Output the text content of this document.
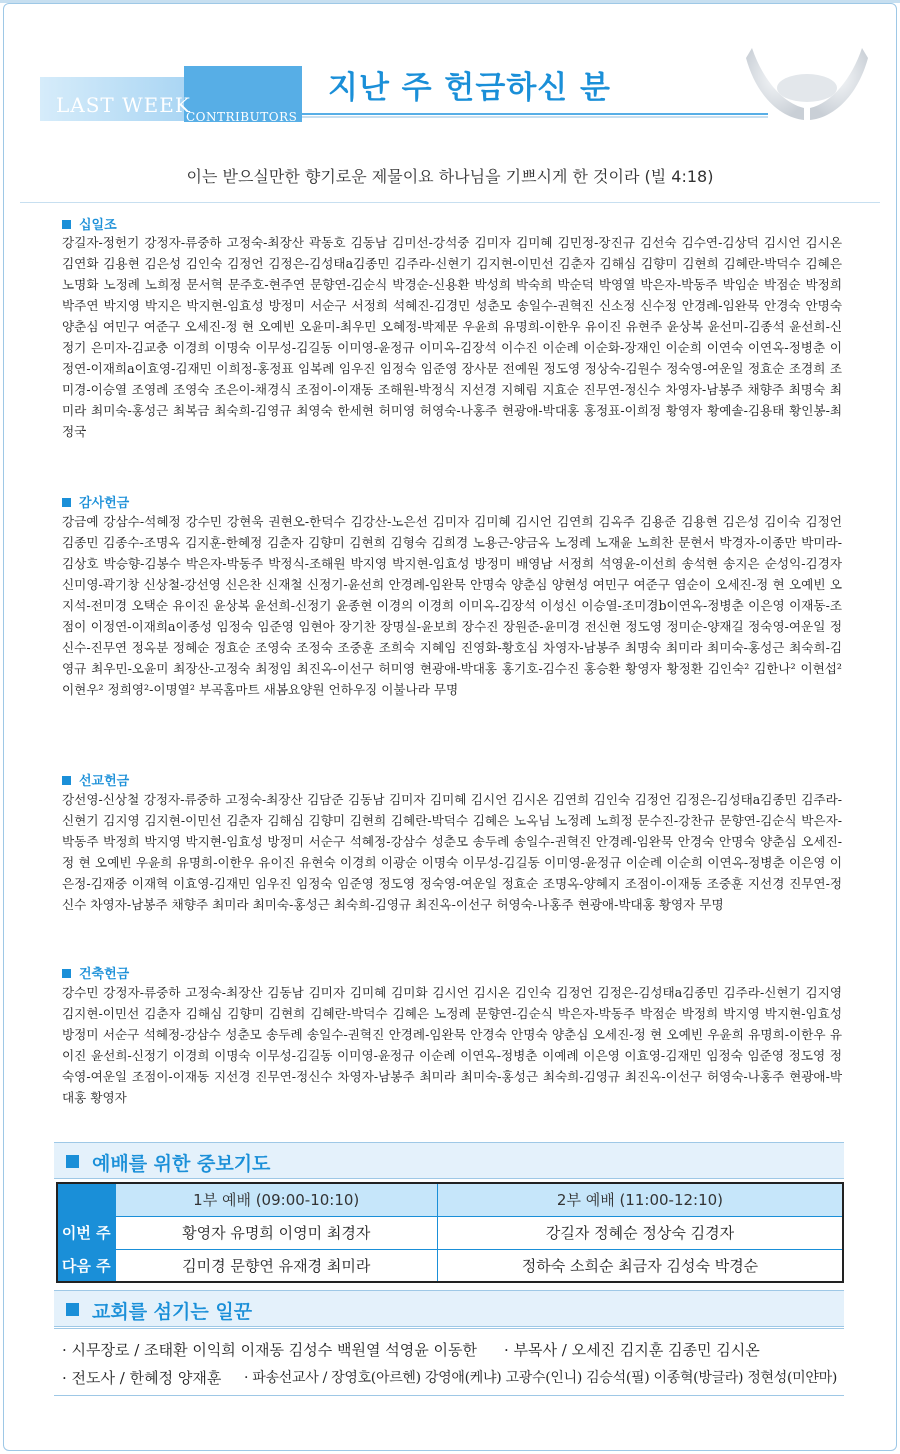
LAST WEEK
CONTRIBUTORS
지난 주 헌금하신 분
이는 받으실만한 향기로운 제물이요 하나님을 기쁘시게 한 것이라 (빌 4:18)
십일조
강길자-정헌기 강정자-류중하 고정숙-최장산 곽동호 김동남 김미선-강석중 김미자 김미혜 김민정-장진규 김선숙 김수연-김상덕 김시언 김시온 김연화 김용현 김은성 김인숙 김정언 김정은-김성태a김종민 김주라-신현기 김지현-이민선 김춘자 김해심 김향미 김현희 김혜란-박덕수 김혜은 노명화 노정례 노희정 문서혁 문주호-현주연 문향연-김순식 박경순-신용환 박성희 박숙희 박순덕 박영열 박은자-박동주 박임순 박점순 박정희 박주연 박지영 박지은 박지현-임효성 방정미 서순구 서정희 석혜진-김경민 성춘모 송일수-권혁진 신소정 신수정 안경례-임완묵 안경숙 안명숙 양춘심 여민구 여준구 오세진-정 현 오예빈 오윤미-최우민 오혜정-박제문 우윤희 유명희-이한우 유이진 유현주 윤상복 윤선미-김종석 윤선희-신정기 은미자-김교충 이경희 이명숙 이무성-김길동 이미영-윤정규 이미옥-김장석 이수진 이순례 이순화-장재인 이순희 이연숙 이연옥-정병춘 이정연-이재희a이효영-김재민 이희정-홍정표 임복례 임우진 임정숙 임준영 장사문 전예원 정도영 정상숙-김원수 정숙영-여운일 정효순 조경희 조미경-이승열 조영례 조영숙 조은이-채경식 조점이-이재동 조해원-박정식 지선경 지혜림 지효순 진무연-정신수 차영자-남봉주 채향주 최명숙 최미라 최미숙-홍성근 최복금 최숙희-김영규 최영숙 한세현 허미영 허영숙-나홍주 현광애-박대홍 홍정표-이희정 황영자 황예솔-김용태 황인봉-최정국
감사헌금
강금예 강삼수-석혜정 강수민 강현욱 권현오-한덕수 김강산-노은선 김미자 김미혜 김시언 김연희 김옥주 김용준 김용현 김은성 김이숙 김정언 김종민 김종수-조명옥 김지훈-한혜정 김춘자 김향미 김현희 김형숙 김희경 노용근-양금옥 노정례 노재윤 노희찬 문현서 박경자-이종만 박미라-김상호 박승향-김봉수 박은자-박동주 박정식-조해원 박지영 박지현-임효성 방정미 배영남 서정희 석영윤-이선희 송석현 송지은 순성익-김경자 신미영-곽기창 신상철-강선영 신은찬 신재철 신정기-윤선희 안경례-임완묵 안명숙 양춘심 양현성 여민구 여준구 염순이 오세진-정 현 오예빈 오지석-전미경 오택순 유이진 윤상복 윤선희-신정기 윤종현 이경의 이경희 이미옥-김장석 이성신 이승열-조미경b이연옥-정병춘 이은영 이재동-조점이 이정연-이재희a이종성 임정숙 임준영 임현아 장기찬 장명실-윤보희 장수진 장원준-윤미경 전신현 정도영 정미순-양재길 정숙영-여운일 정신수-진무연 정옥분 정혜순 정효순 조영숙 조정숙 조중훈 조희숙 지혜임 진영화-황호심 차영자-남봉주 최명숙 최미라 최미숙-홍성근 최숙희-김영규 최우민-오윤미 최장산-고정숙 최정임 최진옥-이선구 허미영 현광애-박대홍 홍기호-김수진 홍승환 황영자 황정환 김인숙² 김한나² 이현섭² 이현우² 정희영²-이명열² 부곡홈마트 새봄요양원 언하우징 이불나라 무명
선교헌금
강선영-신상철 강정자-류중하 고정숙-최장산 김담준 김동남 김미자 김미혜 김시언 김시온 김연희 김인숙 김정언 김정은-김성태a김종민 김주라-신현기 김지영 김지현-이민선 김춘자 김해심 김향미 김현희 김혜란-박덕수 김혜은 노옥님 노정례 노희정 문수진-강찬규 문향연-김순식 박은자-박동주 박정희 박지영 박지현-임효성 방정미 서순구 석혜정-강삼수 성춘모 송두례 송일수-권혁진 안경례-임완묵 안경숙 안명숙 양춘심 오세진-정 현 오예빈 우윤희 유명희-이한우 유이진 유현숙 이경희 이광순 이명숙 이무성-김길동 이미영-윤정규 이순례 이순희 이연옥-정병춘 이은영 이은정-김재중 이재혁 이효영-김재민 임우진 임정숙 임준영 정도영 정숙영-여운일 정효순 조명옥-양혜지 조점이-이재동 조중훈 지선경 진무연-정신수 차영자-남봉주 채향주 최미라 최미숙-홍성근 최숙희-김영규 최진옥-이선구 허영숙-나홍주 현광애-박대홍 황영자 무명
건축헌금
강수민 강정자-류중하 고정숙-최장산 김동남 김미자 김미혜 김미화 김시언 김시온 김인숙 김정언 김정은-김성태a김종민 김주라-신현기 김지영 김지현-이민선 김춘자 김해심 김향미 김현희 김혜란-박덕수 김혜은 노정례 문향연-김순식 박은자-박동주 박점순 박정희 박지영 박지현-임효성 방정미 서순구 석혜정-강삼수 성춘모 송두례 송일수-권혁진 안경례-임완묵 안경숙 안명숙 양춘심 오세진-정 현 오예빈 우윤희 유명희-이한우 유이진 윤선희-신정기 이경희 이명숙 이무성-김길동 이미영-윤정규 이순례 이연옥-정병춘 이예례 이은영 이효영-김재민 임정숙 임준영 정도영 정숙영-여운일 조점이-이재동 지선경 진무연-정신수 차영자-남봉주 최미라 최미숙-홍성근 최숙희-김영규 최진옥-이선구 허영숙-나홍주 현광애-박대홍 황영자
예배를 위한 중보기도
	1부 예배 (09:00-10:10)	2부 예배 (11:00-12:10)
이번 주	황영자 유명희 이영미 최경자	강길자 정혜순 정상숙 김경자
다음 주	김미경 문향연 유재경 최미라	정하숙 소희순 최금자 김성숙 박경순
교회를 섬기는 일꾼
· 시무장로 / 조태환 이익희 이재동 김성수 백원열 석영윤 이동한 · 부목사 / 오세진 김지훈 김종민 김시온
· 전도사 / 한혜정 양재훈 · 파송선교사 / 장영호(아르헨) 강영애(케냐) 고광수(인니) 김승석(필) 이종혁(방글라) 정현성(미얀마)
